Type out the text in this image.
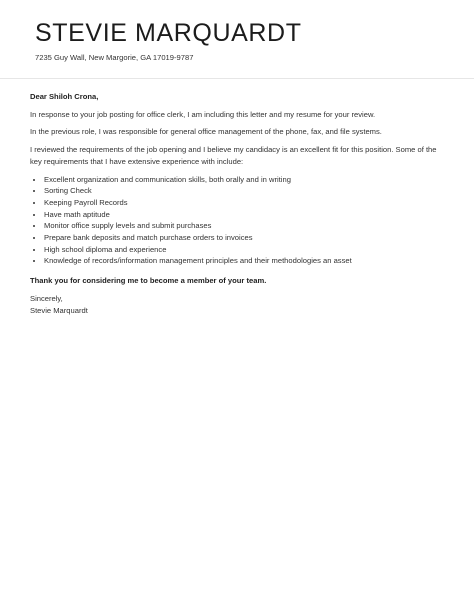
STEVIE MARQUARDT
7235 Guy Wall, New Margorie, GA 17019-9787

Dear Shiloh Crona,

In response to your job posting for office clerk, I am including this letter and my resume for your review.

In the previous role, I was responsible for general office management of the phone, fax, and file systems.

I reviewed the requirements of the job opening and I believe my candidacy is an excellent fit for this position. Some of the key requirements that I have extensive experience with include:

• Excellent organization and communication skills, both orally and in writing
• Sorting Check
• Keeping Payroll Records
• Have math aptitude
• Monitor office supply levels and submit purchases
• Prepare bank deposits and match purchase orders to invoices
• High school diploma and experience
• Knowledge of records/information management principles and their methodologies an asset

Thank you for considering me to become a member of your team.

Sincerely,

Stevie Marquardt
